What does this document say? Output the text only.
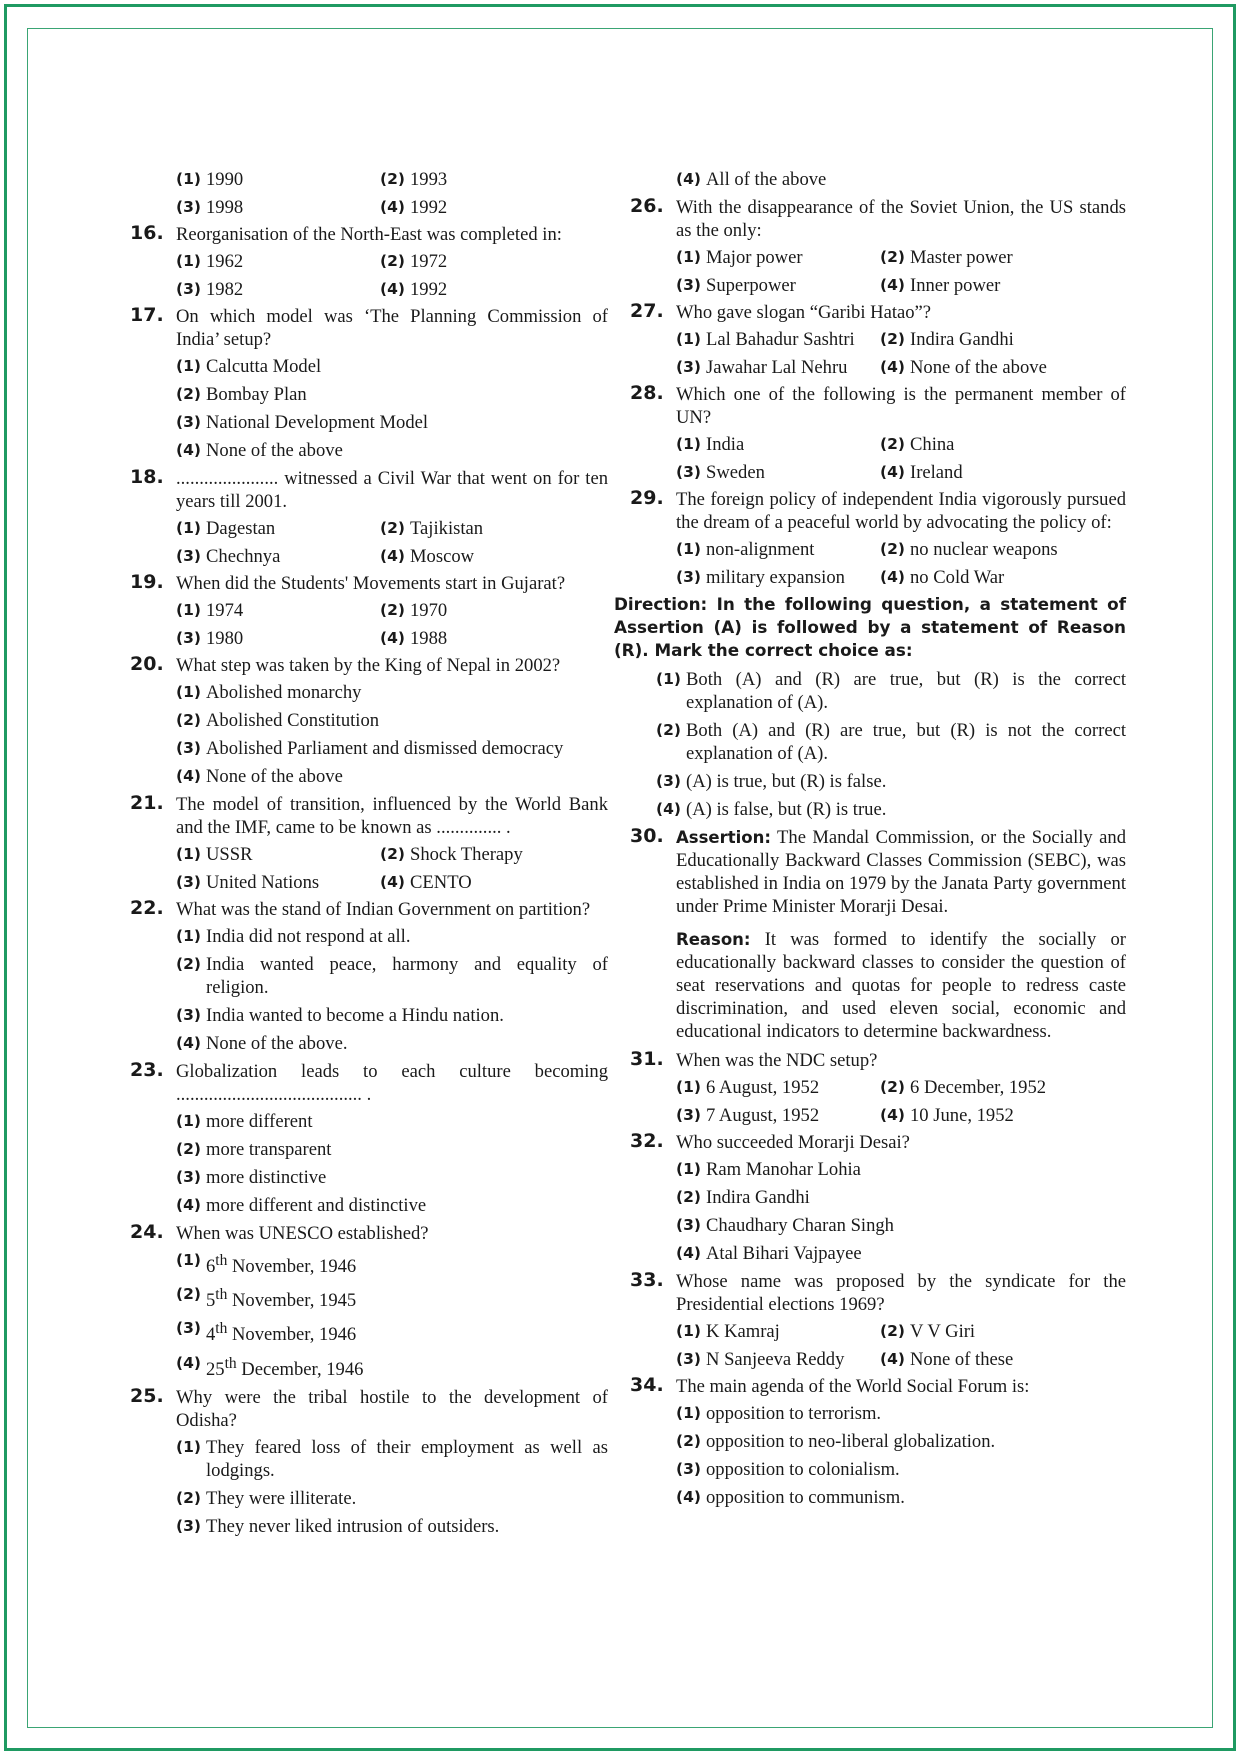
(1) 1990	(2) 1993
(3) 1998	(4) 1992
16. Reorganisation of the North-East was completed in:
(1) 1962	(2) 1972
(3) 1982	(4) 1992
17. On which model was ‘The Planning Commission of India’ setup?
(1) Calcutta Model
(2) Bombay Plan
(3) National Development Model
(4) None of the above
18. ...................... witnessed a Civil War that went on for ten years till 2001.
(1) Dagestan	(2) Tajikistan
(3) Chechnya	(4) Moscow
19. When did the Students' Movements start in Gujarat?
(1) 1974	(2) 1970
(3) 1980	(4) 1988
20. What step was taken by the King of Nepal in 2002?
(1) Abolished monarchy
(2) Abolished Constitution
(3) Abolished Parliament and dismissed democracy
(4) None of the above
21. The model of transition, influenced by the World Bank and the IMF, came to be known as .............. .
(1) USSR	(2) Shock Therapy
(3) United Nations	(4) CENTO
22. What was the stand of Indian Government on partition?
(1) India did not respond at all.
(2) India wanted peace, harmony and equality of religion.
(3) India wanted to become a Hindu nation.
(4) None of the above.
23. Globalization leads to each culture becoming ........................................ .
(1) more different
(2) more transparent
(3) more distinctive
(4) more different and distinctive
24. When was UNESCO established?
(1) 6th November, 1946
(2) 5th November, 1945
(3) 4th November, 1946
(4) 25th December, 1946
25. Why were the tribal hostile to the development of Odisha?
(1) They feared loss of their employment as well as lodgings.
(2) They were illiterate.
(3) They never liked intrusion of outsiders.
(4) All of the above
26. With the disappearance of the Soviet Union, the US stands as the only:
(1) Major power	(2) Master power
(3) Superpower	(4) Inner power
27. Who gave slogan “Garibi Hatao”?
(1) Lal Bahadur Sashtri	(2) Indira Gandhi
(3) Jawahar Lal Nehru	(4) None of the above
28. Which one of the following is the permanent member of UN?
(1) India	(2) China
(3) Sweden	(4) Ireland
29. The foreign policy of independent India vigorously pursued the dream of a peaceful world by advocating the policy of:
(1) non-alignment	(2) no nuclear weapons
(3) military expansion	(4) no Cold War
Direction: In the following question, a statement of Assertion (A) is followed by a statement of Reason (R). Mark the correct choice as:
(1) Both (A) and (R) are true, but (R) is the correct explanation of (A).
(2) Both (A) and (R) are true, but (R) is not the correct explanation of (A).
(3) (A) is true, but (R) is false.
(4) (A) is false, but (R) is true.
30. Assertion: The Mandal Commission, or the Socially and Educationally Backward Classes Commission (SEBC), was established in India on 1979 by the Janata Party government under Prime Minister Morarji Desai.
Reason: It was formed to identify the socially or educationally backward classes to consider the question of seat reservations and quotas for people to redress caste discrimination, and used eleven social, economic and educational indicators to determine backwardness.
31. When was the NDC setup?
(1) 6 August, 1952	(2) 6 December, 1952
(3) 7 August, 1952	(4) 10 June, 1952
32. Who succeeded Morarji Desai?
(1) Ram Manohar Lohia
(2) Indira Gandhi
(3) Chaudhary Charan Singh
(4) Atal Bihari Vajpayee
33. Whose name was proposed by the syndicate for the Presidential elections 1969?
(1) K Kamraj	(2) V V Giri
(3) N Sanjeeva Reddy	(4) None of these
34. The main agenda of the World Social Forum is:
(1) opposition to terrorism.
(2) opposition to neo-liberal globalization.
(3) opposition to colonialism.
(4) opposition to communism.
